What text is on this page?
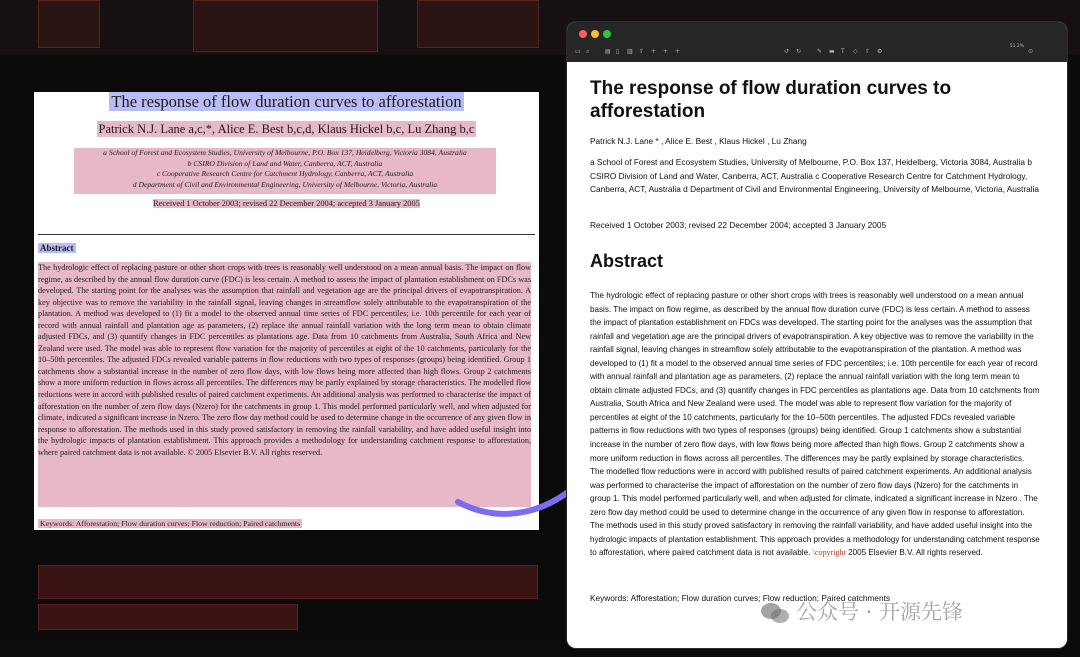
The response of flow duration curves to afforestation
Patrick N.J. Lane a,c,*, Alice E. Best b,c,d, Klaus Hickel b,c, Lu Zhang b,c
a School of Forest and Ecosystem Studies, University of Melbourne, P.O. Box 137, Heidelberg, Victoria 3084, Australia
b CSIRO Division of Land and Water, Canberra, ACT, Australia
c Cooperative Research Centre for Catchment Hydrology, Canberra, ACT, Australia
d Department of Civil and Environmental Engineering, University of Melbourne, Victoria, Australia
Received 1 October 2003; revised 22 December 2004; accepted 3 January 2005
Abstract
The hydrologic effect of replacing pasture or other short crops with trees is reasonably well understood on a mean annual basis. The impact on flow regime, as described by the annual flow duration curve (FDC) is less certain. A method to assess the impact of plantation establishment on FDCs was developed. The starting point for the analyses was the assumption that rainfall and vegetation age are the principal drivers of evapotranspiration. A key objective was to remove the variability in the rainfall signal, leaving changes in streamflow solely attributable to the evapotranspiration of the plantation. A method was developed to (1) fit a model to the observed annual time series of FDC percentiles; i.e. 10th percentile for each year of record with annual rainfall and plantation age as parameters, (2) replace the annual rainfall variation with the long term mean to obtain climate adjusted FDCs, and (3) quantify changes in FDC percentiles as plantations age. Data from 10 catchments from Australia, South Africa and New Zealand were used. The model was able to represent flow variation for the majority of percentiles at eight of the 10 catchments, particularly for the 10–50th percentiles. The adjusted FDCs revealed variable patterns in flow reductions with two types of responses (groups) being identified. Group 1 catchments show a substantial increase in the number of zero flow days, with low flows being more affected than high flows. Group 2 catchments show a more uniform reduction in flows across all percentiles. The differences may be partly explained by storage characteristics. The modelled flow reductions were in accord with published results of paired catchment experiments. An additional analysis was performed to characterise the impact of afforestation on the number of zero flow days (Nzero) for the catchments in group 1. This model performed particularly well, and when adjusted for climate, indicated a significant increase in Nzero. The zero flow day method could be used to determine change in the occurrence of any given flow in response to afforestation. The methods used in this study proved satisfactory in removing the rainfall variability, and have added useful insight into the hydrologic impacts of plantation establishment. This approach provides a methodology for understanding catchment response to afforestation, where paired catchment data is not available. © 2005 Elsevier B.V. All rights reserved.
Keywords: Afforestation; Flow duration curves; Flow reduction; Paired catchments
▭ ⌕	▤ ▯ ▥ ⇪ + + +	↺ ↻	✎ ▬ T ◇ ⇧ ⚙
51.2%
⊙
The response of flow duration curves to afforestation
Patrick N.J. Lane * , Alice E. Best , Klaus Hickel , Lu Zhang
a School of Forest and Ecosystem Studies, University of Melbourne, P.O. Box 137, Heidelberg, Victoria 3084, Australia b CSIRO Division of Land and Water, Canberra, ACT, Australia c Cooperative Research Centre for Catchment Hydrology, Canberra, ACT, Australia d Department of Civil and Environmental Engineering, University of Melbourne, Victoria, Australia
Received 1 October 2003; revised 22 December 2004; accepted 3 January 2005
Abstract
The hydrologic effect of replacing pasture or other short crops with trees is reasonably well understood on a mean annual basis. The impact on flow regime, as described by the annual flow duration curve (FDC) is less certain. A method to assess the impact of plantation establishment on FDCs was developed. The starting point for the analyses was the assumption that rainfall and vegetation age are the principal drivers of evapotranspiration. A key objective was to remove the variability in the rainfall signal, leaving changes in streamflow solely attributable to the evapotranspiration of the plantation. A method was developed to (1) fit a model to the observed annual time series of FDC percentiles; i.e. 10th percentile for each year of record with annual rainfall and plantation age as parameters, (2) replace the annual rainfall variation with the long term mean to obtain climate adjusted FDCs, and (3) quantify changes in FDC percentiles as plantations age. Data from 10 catchments from Australia, South Africa and New Zealand were used. The model was able to represent flow variation for the majority of percentiles at eight of the 10 catchments, particularly for the 10–50th percentiles. The adjusted FDCs revealed variable patterns in flow reductions with two types of responses (groups) being identified. Group 1 catchments show a substantial increase in the number of zero flow days, with low flows being more affected than high flows. Group 2 catchments show a more uniform reduction in flows across all percentiles. The differences may be partly explained by storage characteristics. The modelled flow reductions were in accord with published results of paired catchment experiments. An additional analysis was performed to characterise the impact of afforestation on the number of zero flow days (Nzero) for the catchments in group 1. This model performed particularly well, and when adjusted for climate, indicated a significant increase in Nzero . The zero flow day method could be used to determine change in the occurrence of any given flow in response to afforestation. The methods used in this study proved satisfactory in removing the rainfall variability, and have added useful insight into the hydrologic impacts of plantation establishment. This approach provides a methodology for understanding catchment response to afforestation, where paired catchment data is not available. \copyright 2005 Elsevier B.V. All rights reserved.
Keywords: Afforestation; Flow duration curves; Flow reduction; Paired catchments
公众号 · 开源先锋
